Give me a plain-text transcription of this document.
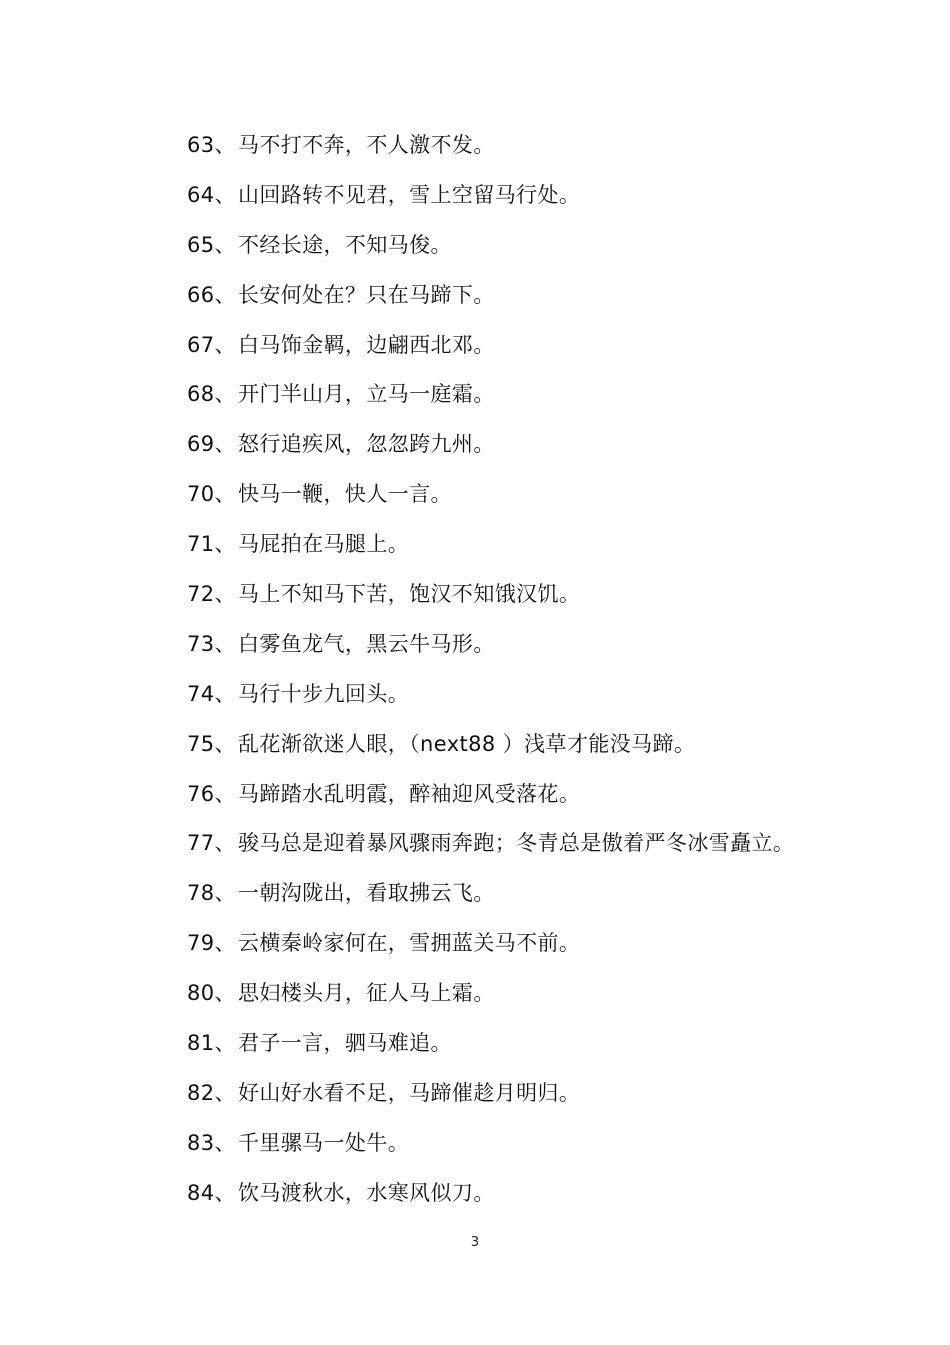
63、马不打不奔，不人激不发。
64、山回路转不见君，雪上空留马行处。
65、不经长途，不知马俊。
66、长安何处在？只在马蹄下。
67、白马饰金羁，边翩西北邓。
68、开门半山月，立马一庭霜。
69、怒行追疾风，忽忽跨九州。
70、快马一鞭，快人一言。
71、马屁拍在马腿上。
72、马上不知马下苦，饱汉不知饿汉饥。
73、白雾鱼龙气，黑云牛马形。
74、马行十步九回头。
75、乱花渐欲迷人眼，（next88 ）浅草才能没马蹄。
76、马蹄踏水乱明霞，醉袖迎风受落花。
77、骏马总是迎着暴风骤雨奔跑；冬青总是傲着严冬冰雪矗立。
78、一朝沟陇出，看取拂云飞。
79、云横秦岭家何在，雪拥蓝关马不前。
80、思妇楼头月，征人马上霜。
81、君子一言，驷马难追。
82、好山好水看不足，马蹄催趁月明归。
83、千里骡马一处牛。
84、饮马渡秋水，水寒风似刀。
3
